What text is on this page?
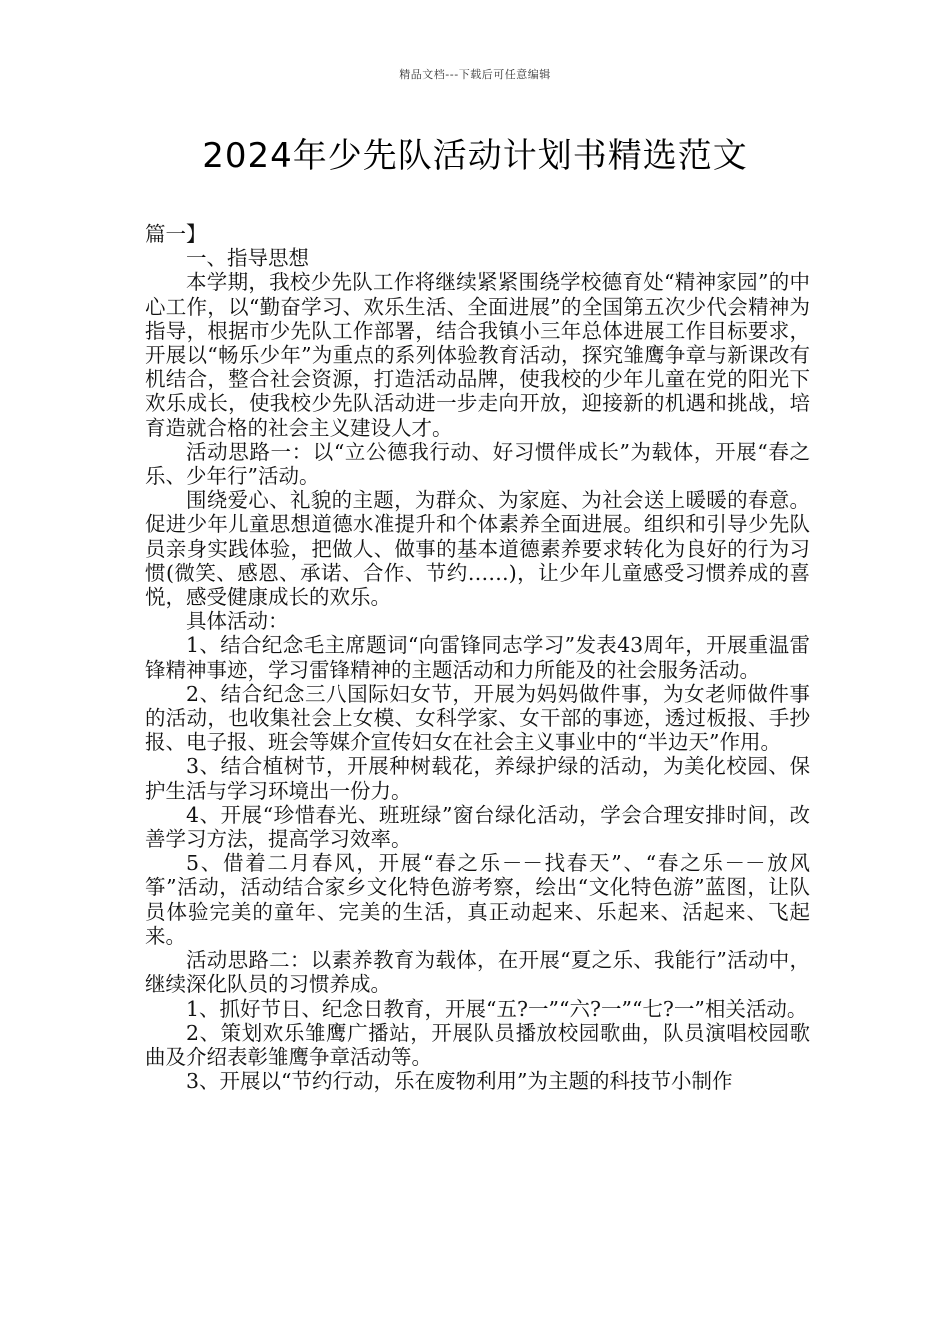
精品文档---下载后可任意编辑
2024年少先队活动计划书精选范文

篇一】

一、指导思想

本学期，我校少先队工作将继续紧紧围绕学校德育处“精神家园”的中心工作，以“勤奋学习、欢乐生活、全面进展”的全国第五次少代会精神为指导，根据市少先队工作部署，结合我镇小三年总体进展工作目标要求，开展以“畅乐少年”为重点的系列体验教育活动，探究雏鹰争章与新课改有机结合，整合社会资源，打造活动品牌，使我校的少年儿童在党的阳光下欢乐成长，使我校少先队活动进一步走向开放，迎接新的机遇和挑战，培育造就合格的社会主义建设人才。

活动思路一：以“立公德我行动、好习惯伴成长”为载体，开展“春之乐、少年行”活动。

围绕爱心、礼貌的主题，为群众、为家庭、为社会送上暖暖的春意。促进少年儿童思想道德水准提升和个体素养全面进展。组织和引导少先队员亲身实践体验，把做人、做事的基本道德素养要求转化为良好的行为习惯(微笑、感恩、承诺、合作、节约……)，让少年儿童感受习惯养成的喜悦，感受健康成长的欢乐。

具体活动：

1、结合纪念毛主席题词“向雷锋同志学习”发表43周年，开展重温雷锋精神事迹，学习雷锋精神的主题活动和力所能及的社会服务活动。

2、结合纪念三八国际妇女节，开展为妈妈做件事，为女老师做件事的活动，也收集社会上女模、女科学家、女干部的事迹，透过板报、手抄报、电子报、班会等媒介宣传妇女在社会主义事业中的“半边天”作用。

3、结合植树节，开展种树载花，养绿护绿的活动，为美化校园、保护生活与学习环境出一份力。

4、开展“珍惜春光、班班绿”窗台绿化活动，学会合理安排时间，改善学习方法，提高学习效率。

5、借着二月春风，开展“春之乐－－找春天”、“春之乐－－放风筝”活动，活动结合家乡文化特色游考察，绘出“文化特色游”蓝图，让队员体验完美的童年、完美的生活，真正动起来、乐起来、活起来、飞起来。

活动思路二：以素养教育为载体，在开展“夏之乐、我能行”活动中，继续深化队员的习惯养成。

1、抓好节日、纪念日教育，开展“五?一”“六?一”“七?一”相关活动。

2、策划欢乐雏鹰广播站，开展队员播放校园歌曲，队员演唱校园歌曲及介绍表彰雏鹰争章活动等。

3、开展以“节约行动，乐在废物利用”为主题的科技节小制作
